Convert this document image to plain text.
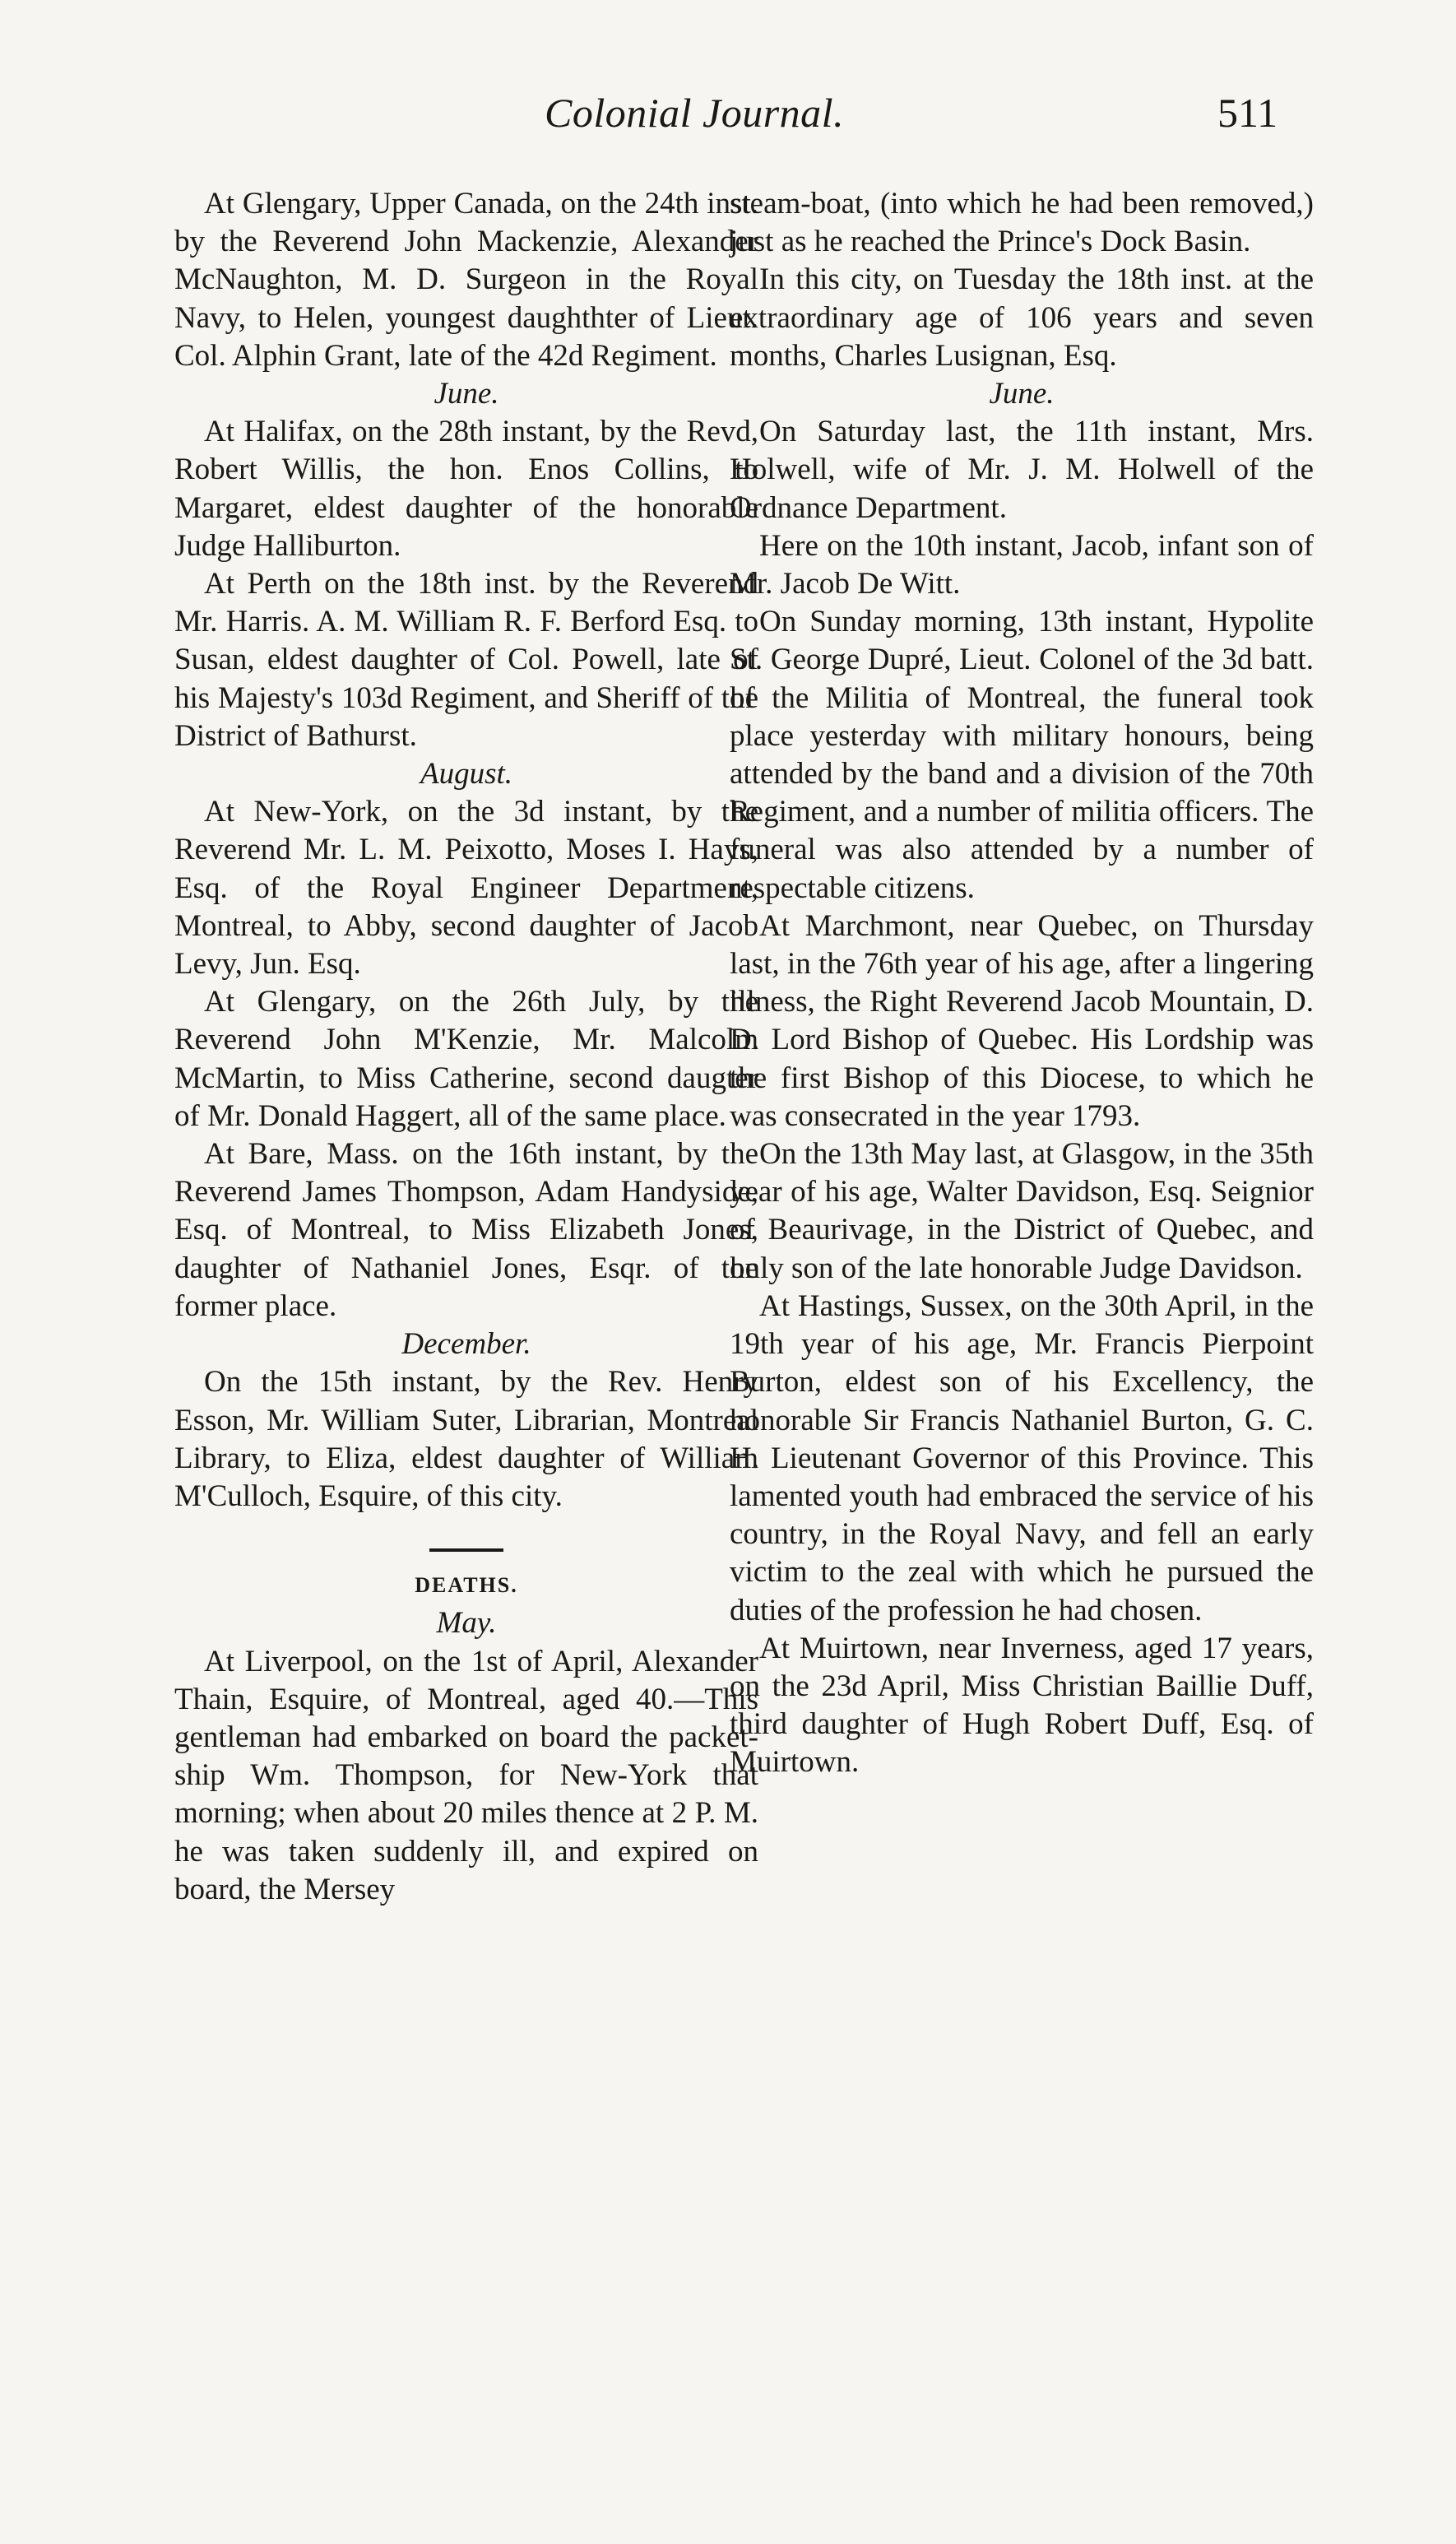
Colonial Journal.	511

At Glengary, Upper Canada, on the 24th inst. by the Reverend John Mackenzie, Alexander McNaughton, M. D. Surgeon in the Royal Navy, to Helen, youngest daughthter of Lieut. Col. Alphin Grant, late of the 42d Regiment.

June.

At Halifax, on the 28th instant, by the Revd, Robert Willis, the hon. Enos Collins, to Margaret, eldest daughter of the honorable Judge Halliburton.

At Perth on the 18th inst. by the Reverend Mr. Harris. A. M. William R. F. Berford Esq. to Susan, eldest daughter of Col. Powell, late of his Majesty's 103d Regiment, and Sheriff of the District of Bathurst.

August.

At New-York, on the 3d instant, by the Reverend Mr. L. M. Peixotto, Moses I. Hays, Esq. of the Royal Engineer Department, Montreal, to Abby, second daughter of Jacob Levy, Jun. Esq.

At Glengary, on the 26th July, by the Reverend John M'Kenzie, Mr. Malcolm McMartin, to Miss Catherine, second daugter of Mr. Donald Haggert, all of the same place.

At Bare, Mass. on the 16th instant, by the Reverend James Thompson, Adam Handyside, Esq. of Montreal, to Miss Elizabeth Jones, daughter of Nathaniel Jones, Esqr. of the former place.

December.

On the 15th instant, by the Rev. Henry Esson, Mr. William Suter, Librarian, Montreal Library, to Eliza, eldest daughter of William M'Culloch, Esquire, of this city.

DEATHS.

May.

At Liverpool, on the 1st of April, Alexander Thain, Esquire, of Montreal, aged 40.—This gentleman had embarked on board the packet-ship Wm. Thompson, for New-York that morning; when about 20 miles thence at 2 P. M. he was taken suddenly ill, and expired on board, the Mersey

steam-boat, (into which he had been removed,) just as he reached the Prince's Dock Basin.

In this city, on Tuesday the 18th inst. at the extraordinary age of 106 years and seven months, Charles Lusignan, Esq.

June.

On Saturday last, the 11th instant, Mrs. Holwell, wife of Mr. J. M. Holwell of the Ordnance Department.

Here on the 10th instant, Jacob, infant son of Mr. Jacob De Witt.

On Sunday morning, 13th instant, Hypolite St. George Dupré, Lieut. Colonel of the 3d batt. of the Militia of Montreal, the funeral took place yesterday with military honours, being attended by the band and a division of the 70th Regiment, and a number of militia officers. The funeral was also attended by a number of respectable citizens.

At Marchmont, near Quebec, on Thursday last, in the 76th year of his age, after a lingering illness, the Right Reverend Jacob Mountain, D. D. Lord Bishop of Quebec. His Lordship was the first Bishop of this Diocese, to which he was consecrated in the year 1793.

On the 13th May last, at Glasgow, in the 35th year of his age, Walter Davidson, Esq. Seignior of Beaurivage, in the District of Quebec, and only son of the late honorable Judge Davidson.

At Hastings, Sussex, on the 30th April, in the 19th year of his age, Mr. Francis Pierpoint Burton, eldest son of his Excellency, the honorable Sir Francis Nathaniel Burton, G. C. H. Lieutenant Governor of this Province. This lamented youth had embraced the service of his country, in the Royal Navy, and fell an early victim to the zeal with which he pursued the duties of the profession he had chosen.

At Muirtown, near Inverness, aged 17 years, on the 23d April, Miss Christian Baillie Duff, third daughter of Hugh Robert Duff, Esq. of Muirtown.
